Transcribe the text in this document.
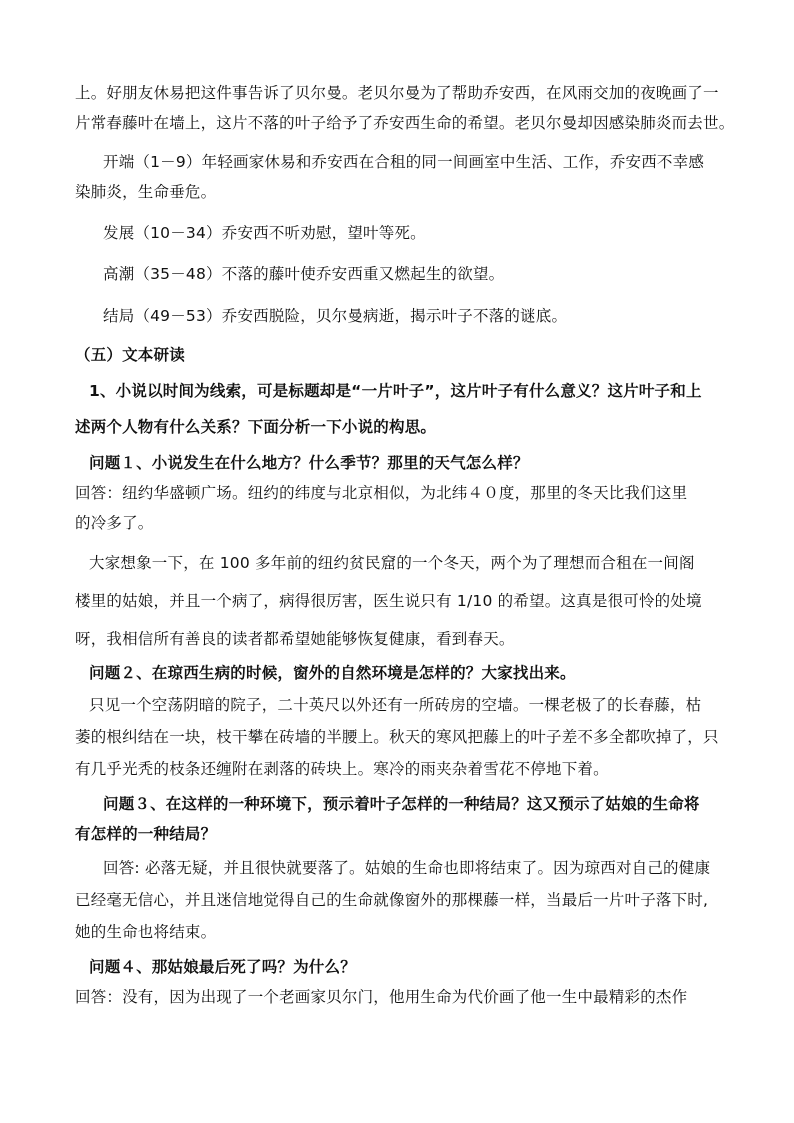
上。好朋友休易把这件事告诉了贝尔曼。老贝尔曼为了帮助乔安西，在风雨交加的夜晚画了一
片常春藤叶在墙上，这片不落的叶子给予了乔安西生命的希望。老贝尔曼却因感染肺炎而去世。
开端（1－9）年轻画家休易和乔安西在合租的同一间画室中生活、工作，乔安西不幸感
染肺炎，生命垂危。
发展（10－34）乔安西不听劝慰，望叶等死。
高潮（35－48）不落的藤叶使乔安西重又燃起生的欲望。
结局（49－53）乔安西脱险，贝尔曼病逝，揭示叶子不落的谜底。
（五）文本研读
1、小说以时间为线索，可是标题却是“一片叶子”，这片叶子有什么意义？这片叶子和上
述两个人物有什么关系？下面分析一下小说的构思。
问题１、小说发生在什么地方？什么季节？那里的天气怎么样？
回答：纽约华盛顿广场。纽约的纬度与北京相似，为北纬４０度，那里的冬天比我们这里
的冷多了。
大家想象一下，在 100 多年前的纽约贫民窟的一个冬天，两个为了理想而合租在一间阁
楼里的姑娘，并且一个病了，病得很厉害，医生说只有 1/10 的希望。这真是很可怜的处境
呀，我相信所有善良的读者都希望她能够恢复健康，看到春天。
问题２、在琼西生病的时候，窗外的自然环境是怎样的？大家找出来。
只见一个空荡阴暗的院子，二十英尺以外还有一所砖房的空墙。一棵老极了的长春藤，枯
萎的根纠结在一块，枝干攀在砖墙的半腰上。秋天的寒风把藤上的叶子差不多全都吹掉了，只
有几乎光秃的枝条还缠附在剥落的砖块上。寒冷的雨夹杂着雪花不停地下着。
问题３、在这样的一种环境下，预示着叶子怎样的一种结局？这又预示了姑娘的生命将
有怎样的一种结局？
回答: 必落无疑，并且很快就要落了。姑娘的生命也即将结束了。因为琼西对自己的健康
已经毫无信心，并且迷信地觉得自己的生命就像窗外的那棵藤一样，当最后一片叶子落下时,
她的生命也将结束。
问题４、那姑娘最后死了吗？为什么？
回答：没有，因为出现了一个老画家贝尔门，他用生命为代价画了他一生中最精彩的杰作
